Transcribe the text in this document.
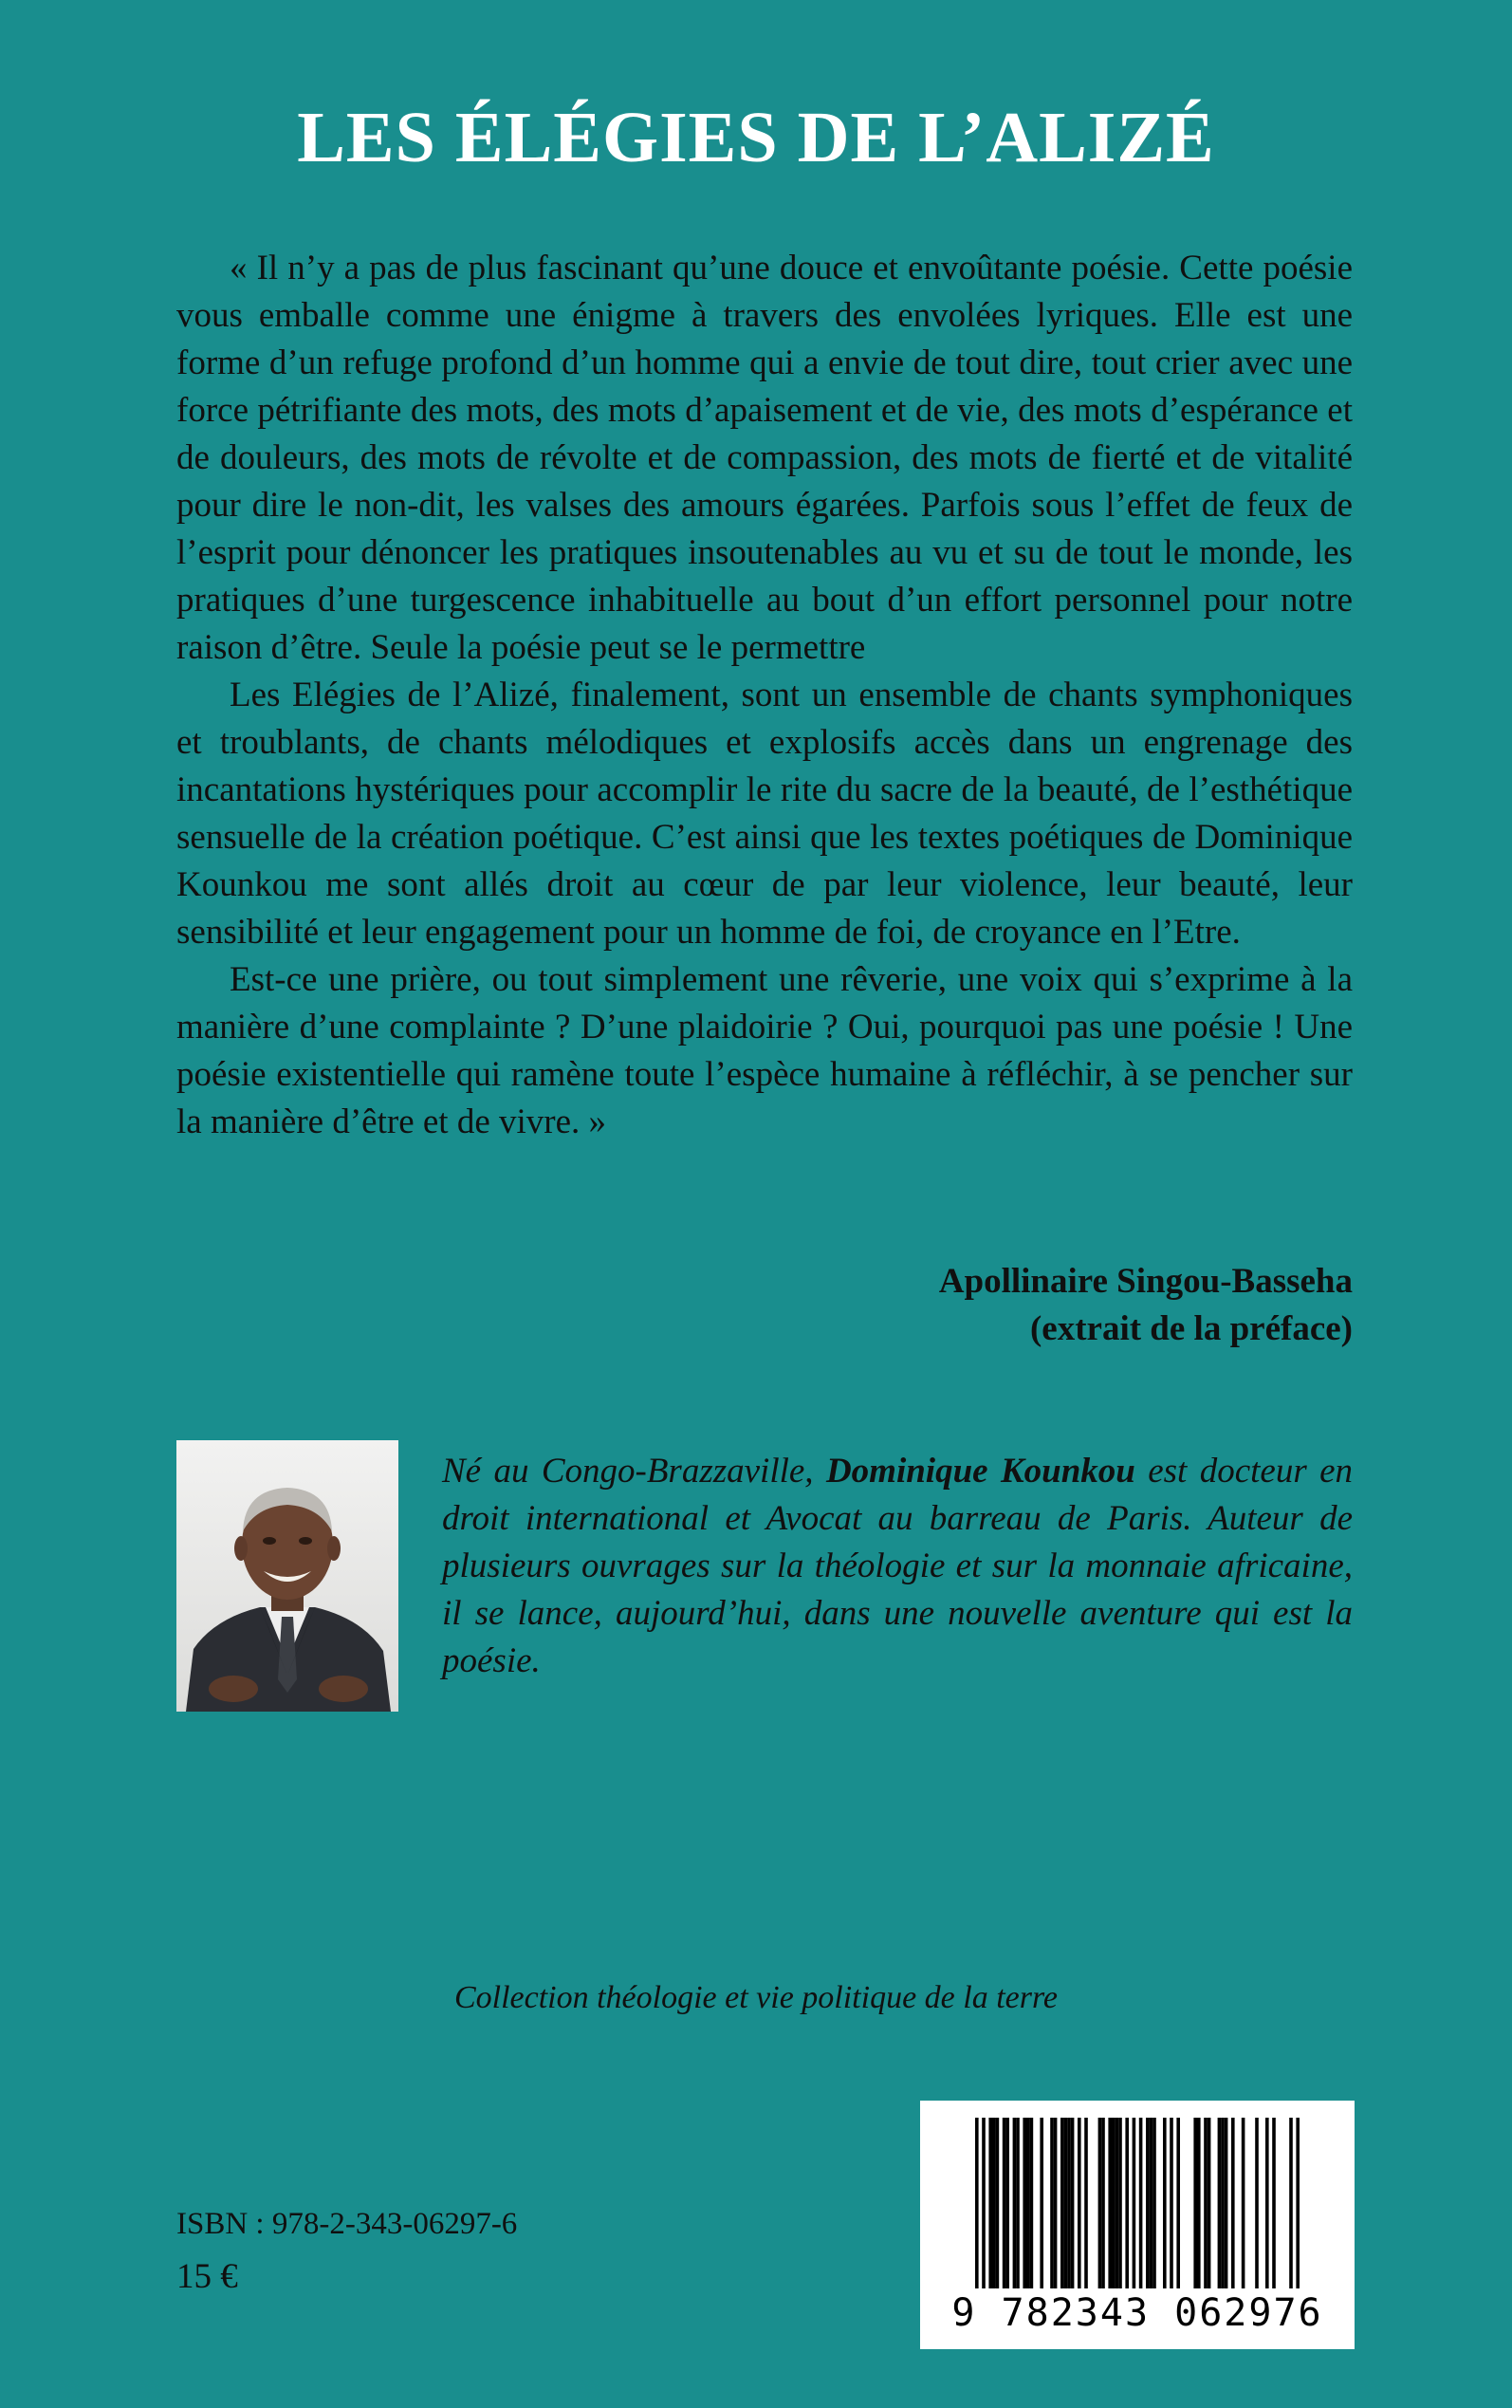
LES ÉLÉGIES DE L’ALIZÉ

« Il n’y a pas de plus fascinant qu’une douce et envoûtante poésie. Cette poésie vous emballe comme une énigme à travers des envolées lyriques. Elle est une forme d’un refuge profond d’un homme qui a envie de tout dire, tout crier avec une force pétrifiante des mots, des mots d’apaisement et de vie, des mots d’espérance et de douleurs, des mots de révolte et de compassion, des mots de fierté et de vitalité pour dire le non-dit, les valses des amours égarées. Parfois sous l’effet de feux de l’esprit pour dénoncer les pratiques insoutenables au vu et su de tout le monde, les pratiques d’une turgescence inhabituelle au bout d’un effort personnel pour notre raison d’être. Seule la poésie peut se le permettre

Les Elégies de l’Alizé, finalement, sont un ensemble de chants symphoniques et troublants, de chants mélodiques et explosifs accès dans un engrenage des incantations hystériques pour accomplir le rite du sacre de la beauté, de l’esthétique sensuelle de la création poétique. C’est ainsi que les textes poétiques de Dominique Kounkou me sont allés droit au cœur de par leur violence, leur beauté, leur sensibilité et leur engagement pour un homme de foi, de croyance en l’Etre.

Est-ce une prière, ou tout simplement une rêverie, une voix qui s’exprime à la manière d’une complainte ? D’une plaidoirie ? Oui, pourquoi pas une poésie ! Une poésie existentielle qui ramène toute l’espèce humaine à réfléchir, à se pencher sur la manière d’être et de vivre. »

Apollinaire Singou-Basseha
(extrait de la préface)
Né au Congo-Brazzaville, Dominique Kounkou est docteur en droit international et Avocat au barreau de Paris. Auteur de plusieurs ouvrages sur la théologie et sur la monnaie africaine, il se lance, aujourd’hui, dans une nouvelle aventure qui est la poésie.
Collection théologie et vie politique de la terre
9 782343 062976
ISBN : 978-2-343-06297-6
15 €
